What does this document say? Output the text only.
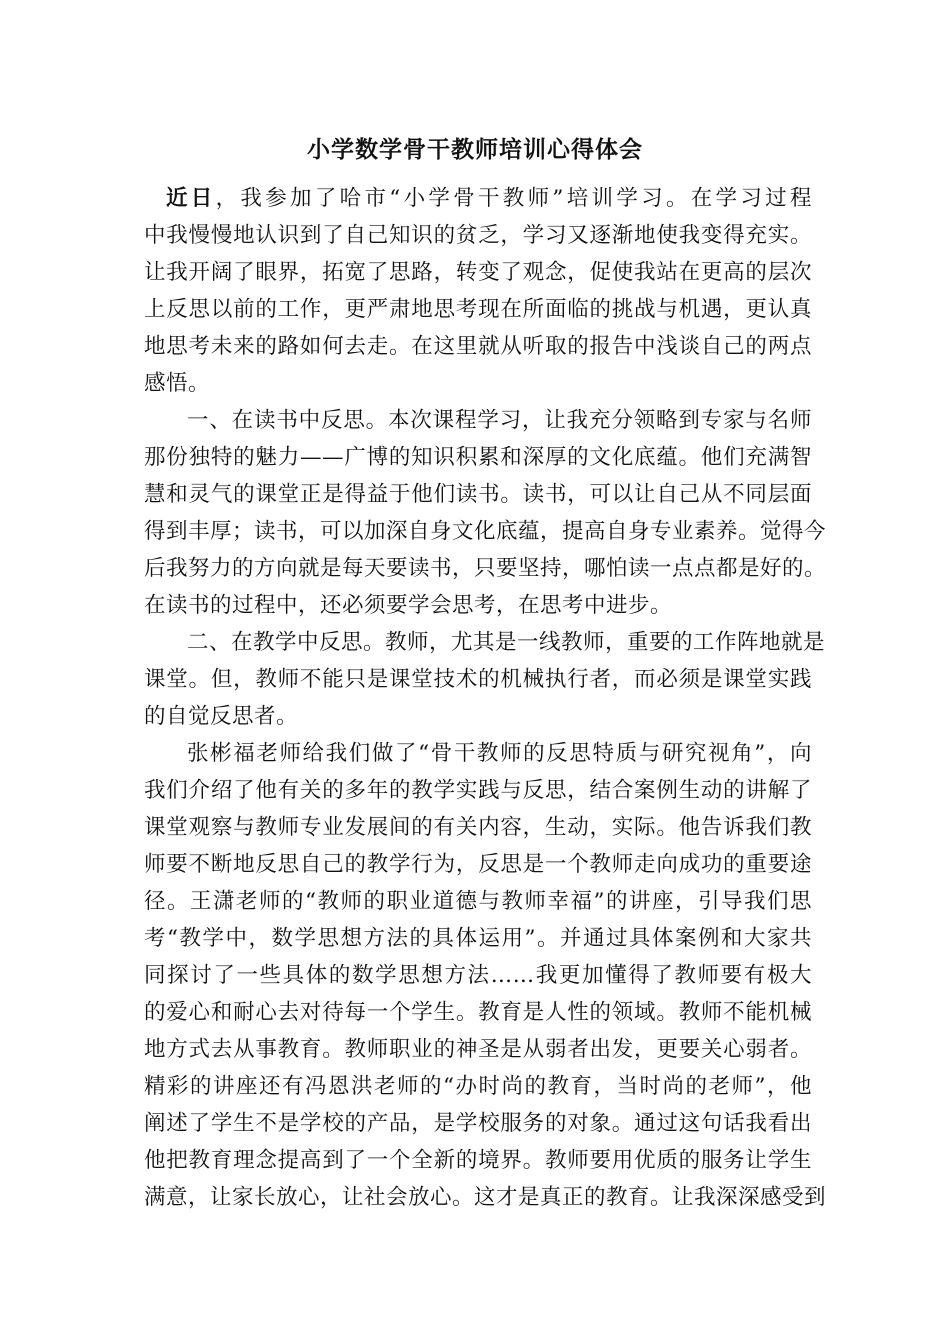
小学数学骨干教师培训心得体会
近日，我参加了哈市“小学骨干教师”培训学习。在学习过程
中我慢慢地认识到了自己知识的贫乏，学习又逐渐地使我变得充实。
让我开阔了眼界，拓宽了思路，转变了观念，促使我站在更高的层次
上反思以前的工作，更严肃地思考现在所面临的挑战与机遇，更认真
地思考未来的路如何去走。在这里就从听取的报告中浅谈自己的两点
感悟。
一、在读书中反思。本次课程学习，让我充分领略到专家与名师
那份独特的魅力——广博的知识积累和深厚的文化底蕴。他们充满智
慧和灵气的课堂正是得益于他们读书。读书，可以让自己从不同层面
得到丰厚；读书，可以加深自身文化底蕴，提高自身专业素养。觉得今
后我努力的方向就是每天要读书，只要坚持，哪怕读一点点都是好的。
在读书的过程中，还必须要学会思考，在思考中进步。
二、在教学中反思。教师，尤其是一线教师，重要的工作阵地就是
课堂。但，教师不能只是课堂技术的机械执行者，而必须是课堂实践
的自觉反思者。
张彬福老师给我们做了“骨干教师的反思特质与研究视角”，向
我们介绍了他有关的多年的教学实践与反思，结合案例生动的讲解了
课堂观察与教师专业发展间的有关内容，生动，实际。他告诉我们教
师要不断地反思自己的教学行为，反思是一个教师走向成功的重要途
径。王潇老师的“教师的职业道德与教师幸福”的讲座，引导我们思
考“教学中，数学思想方法的具体运用”。并通过具体案例和大家共
同探讨了一些具体的数学思想方法……我更加懂得了教师要有极大
的爱心和耐心去对待每一个学生。教育是人性的领域。教师不能机械
地方式去从事教育。教师职业的神圣是从弱者出发，更要关心弱者。
精彩的讲座还有冯恩洪老师的“办时尚的教育，当时尚的老师”，他
阐述了学生不是学校的产品，是学校服务的对象。通过这句话我看出
他把教育理念提高到了一个全新的境界。教师要用优质的服务让学生
满意，让家长放心，让社会放心。这才是真正的教育。让我深深感受到
